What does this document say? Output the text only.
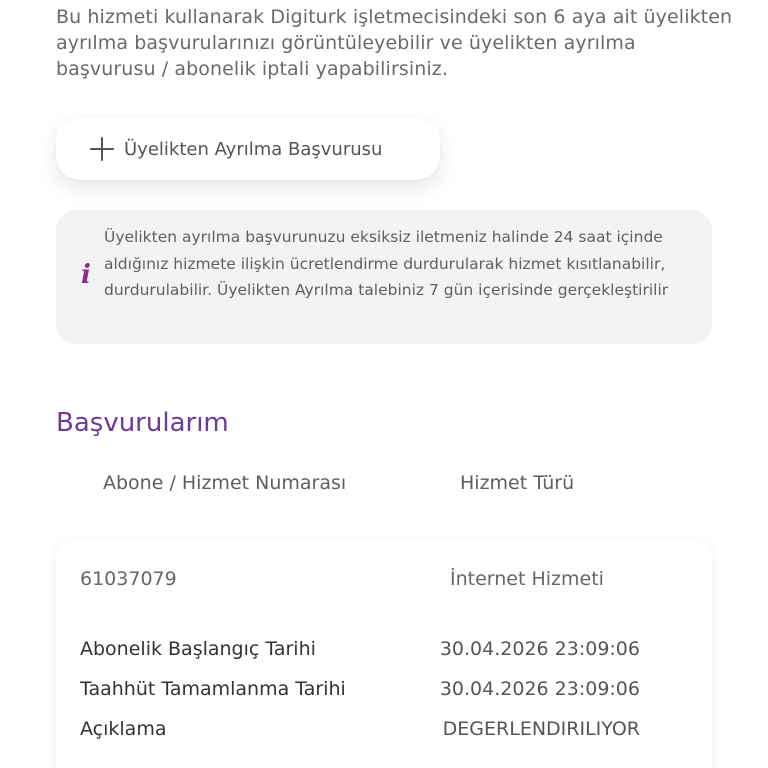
Bu hizmeti kullanarak Digiturk işletmecisindeki son 6 aya ait üyelikten ayrılma başvurularınızı görüntüleyebilir ve üyelikten ayrılma başvurusu / abonelik iptali yapabilirsiniz.

Üyelikten Ayrılma Başvurusu
i

Üyelikten ayrılma başvurunuzu eksiksiz iletmeniz halinde 24 saat içinde aldığınız hizmete ilişkin ücretlendirme durdurularak hizmet kısıtlanabilir, durdurulabilir. Üyelikten Ayrılma talebiniz 7 gün içerisinde gerçekleştirilir

Başvurularım
Abone / Hizmet Numarası	Hizmet Türü
61037079	İnternet Hizmeti
Abonelik Başlangıç Tarihi	30.04.2026 23:09:06
Taahhüt Tamamlanma Tarihi	30.04.2026 23:09:06
Açıklama	DEGERLENDIRILIYOR
